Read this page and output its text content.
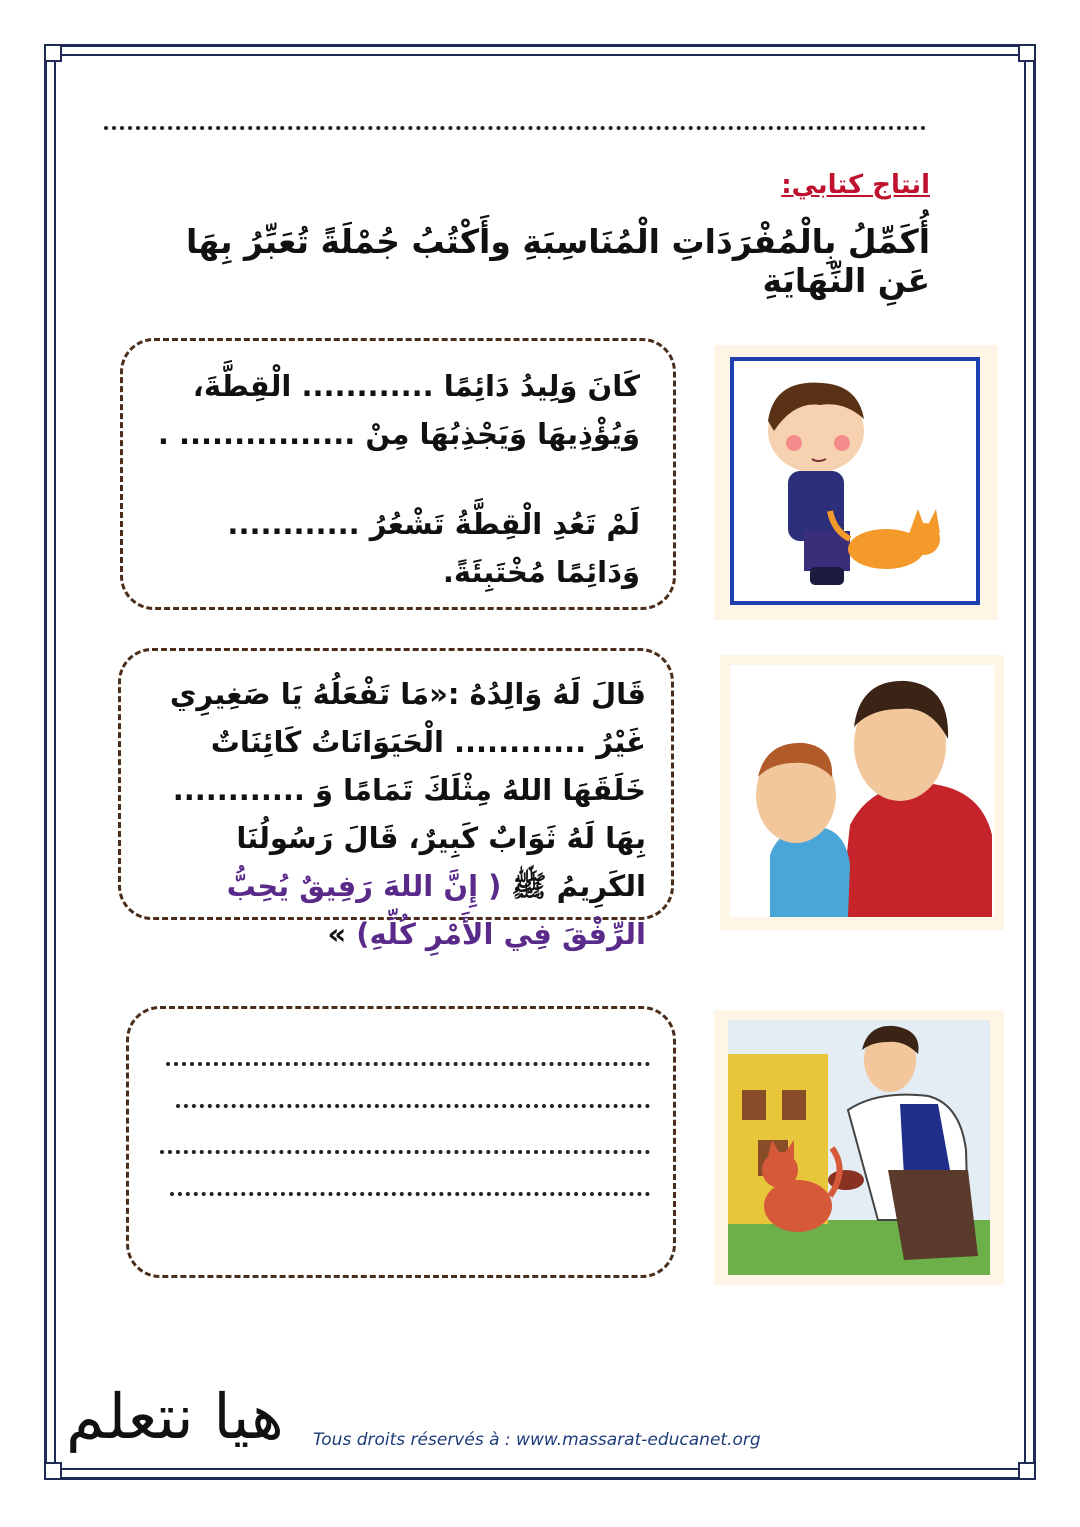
انتاج كتابي:
أُكَمِّلُ بِالْمُفْرَدَاتِ الْمُنَاسِبَةِ وأَكْتُبُ جُمْلَةً تُعَبِّرُ بِهَا عَنِ النِّهَايَةِ
كَانَ وَلِيدُ دَائِمًا ............ الْقِطَّةَ، وَيُؤْذِيهَا وَيَجْذِبُهَا مِنْ ................ .
لَمْ تَعُدِ الْقِطَّةُ تَشْعُرُ ............ وَدَائِمًا مُخْتَبِئَةً.
قَالَ لَهُ وَالِدُهُ :«مَا تَفْعَلُهُ يَا صَغِيرِي غَيْرُ ............ الْحَيَوَانَاتُ كَائِنَاتٌ خَلَقَهَا اللهُ مِثْلَكَ تَمَامًا وَ ............ بِهَا لَهُ ثَوَابٌ كَبِيرٌ، قَالَ رَسُولُنَا الكَرِيمُ ﷺ ( إِنَّ اللهَ رَفِيقٌ يُحِبُّ الرِّفْقَ فِي الأَمْرِ كُلِّهِ) »
هيا نتعلم Tous droits réservés à : www.massarat-educanet.org
